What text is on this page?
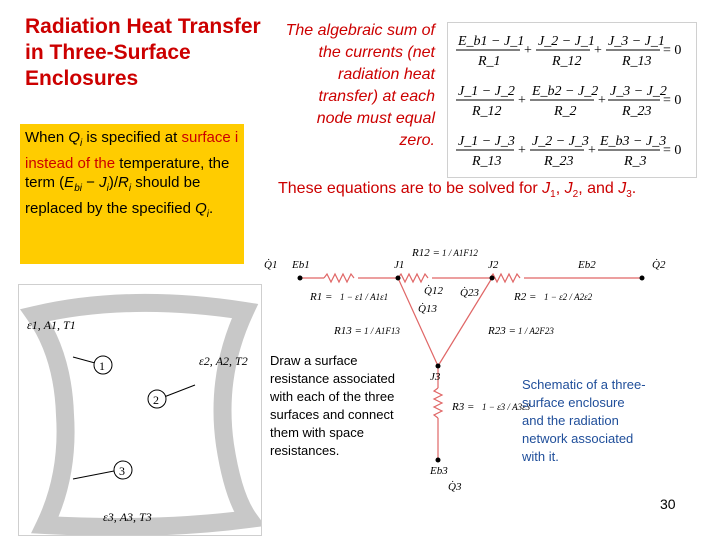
Radiation Heat Transfer in Three-Surface Enclosures
When $Q_i$ is specified at surface i instead of the temperature, the term $(E_{bi} - J_i)/R_i$ should be replaced by the specified $Q_i$.
The algebraic sum of the currents (net radiation heat transfer) at each node must equal zero.
E_b1 − J_1
R_1
+
J_2 − J_1
R_12
+
J_3 − J_1
R_13
= 0
J_1 − J_2
R_12
+
E_b2 − J_2
R_2
+
J_3 − J_2
R_23
= 0
J_1 − J_3
R_13
+
J_2 − J_3
R_23
+
E_b3 − J_3
R_3
= 0
These equations are to be solved for $J_1$, $J_2$, and $J_3$.
ε1, A1, T1
ε2, A2, T2
ε3, A3, T3
1
2
3
Q̇1 Eb1	J1
R12 = 1 / A1F12
J2	Eb2	Q̇2
R1 = 1 − ε1 / A1ε1	Q̇12 Q̇23	R2 = 1 − ε2 / A2ε2
Q̇13
R13 = 1 / A1F13	R23 = 1 / A2F23
J3
R3 = 1 − ε3 / A3ε3
Eb3
Q̇3
Draw a surface resistance associated with each of the three surfaces and connect them with space resistances.
Schematic of a three-surface enclosure and the radiation network associated with it.
30
